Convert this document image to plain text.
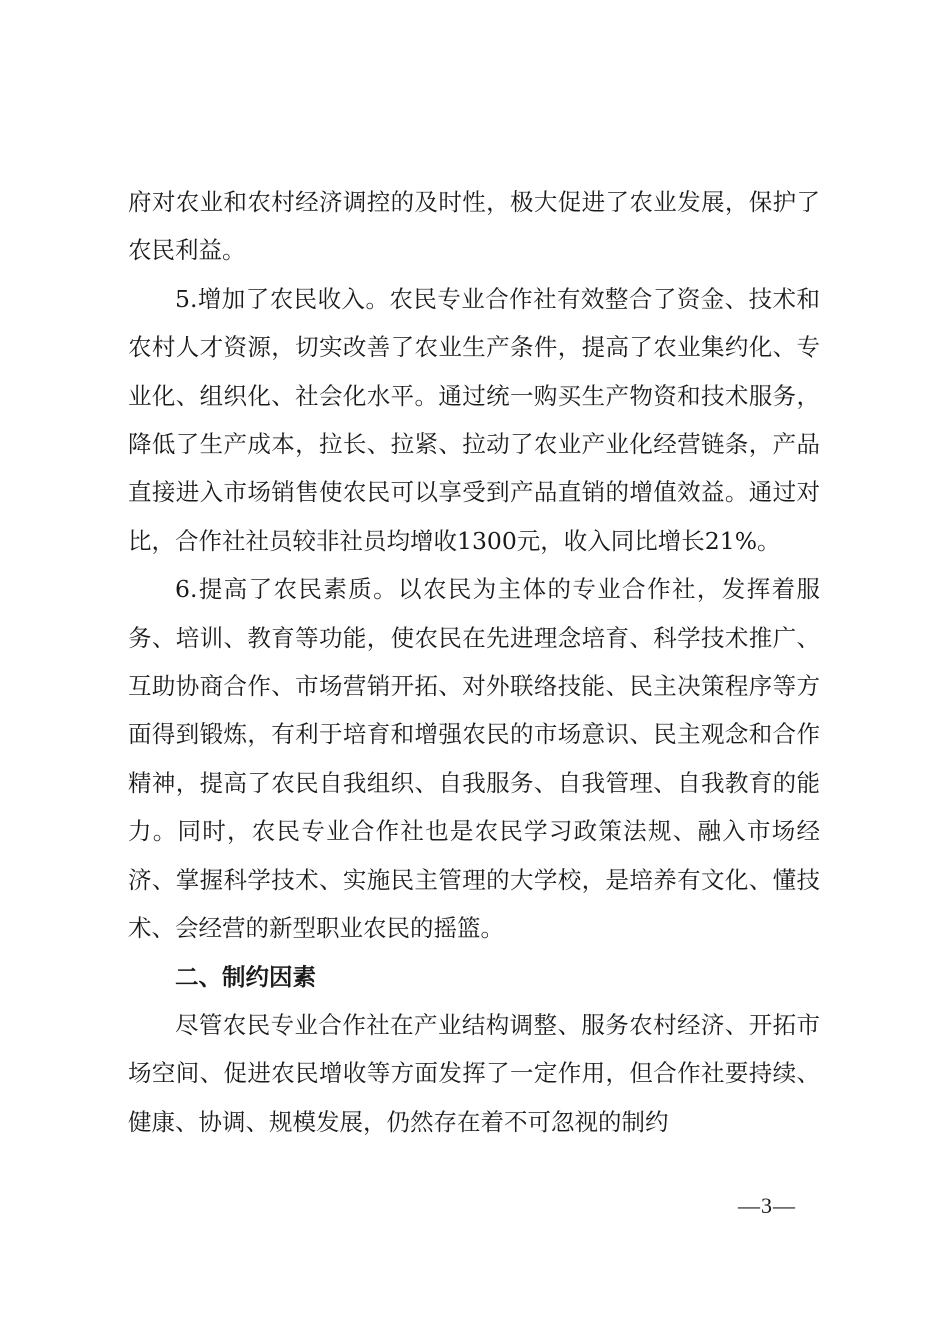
府对农业和农村经济调控的及时性，极大促进了农业发展，保护了农民利益。

5.增加了农民收入。农民专业合作社有效整合了资金、技术和农村人才资源，切实改善了农业生产条件，提高了农业集约化、专业化、组织化、社会化水平。通过统一购买生产物资和技术服务，降低了生产成本，拉长、拉紧、拉动了农业产业化经营链条，产品直接进入市场销售使农民可以享受到产品直销的增值效益。通过对比，合作社社员较非社员均增收1300元，收入同比增长21%。

6.提高了农民素质。以农民为主体的专业合作社，发挥着服务、培训、教育等功能，使农民在先进理念培育、科学技术推广、互助协商合作、市场营销开拓、对外联络技能、民主决策程序等方面得到锻炼，有利于培育和增强农民的市场意识、民主观念和合作精神，提高了农民自我组织、自我服务、自我管理、自我教育的能力。同时，农民专业合作社也是农民学习政策法规、融入市场经济、掌握科学技术、实施民主管理的大学校，是培养有文化、懂技术、会经营的新型职业农民的摇篮。

二、制约因素

尽管农民专业合作社在产业结构调整、服务农村经济、开拓市场空间、促进农民增收等方面发挥了一定作用，但合作社要持续、健康、协调、规模发展，仍然存在着不可忽视的制约

—3—
